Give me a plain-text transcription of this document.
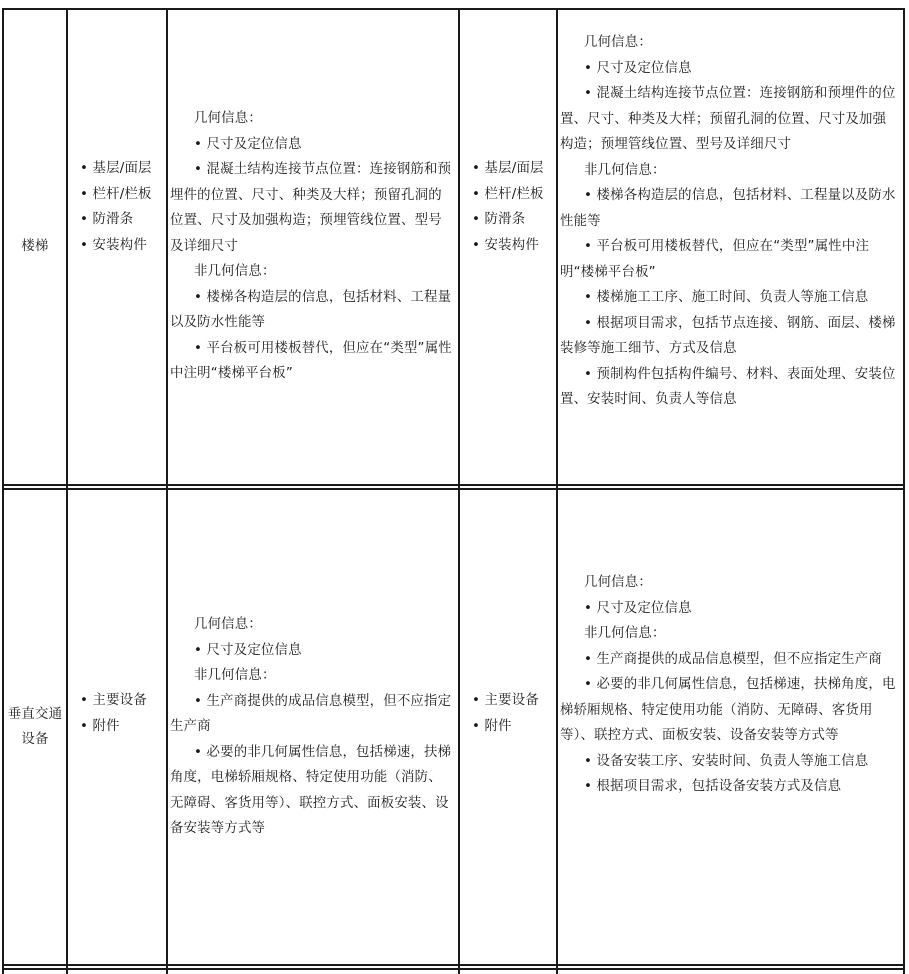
楼梯
• 基层/面层
• 栏杆/栏板
• 防滑条
• 安装构件

几何信息：

• 尺寸及定位信息

• 混凝土结构连接节点位置：连接钢筋和预埋件的位置、尺寸、种类及大样；预留孔洞的位置、尺寸及加强构造；预埋管线位置、型号及详细尺寸

非几何信息：

• 楼梯各构造层的信息，包括材料、工程量以及防水性能等

• 平台板可用楼板替代，但应在“类型”属性中注明“楼梯平台板”

• 基层/面层
• 栏杆/栏板
• 防滑条
• 安装构件

几何信息：

• 尺寸及定位信息

• 混凝土结构连接节点位置：连接钢筋和预埋件的位置、尺寸、种类及大样；预留孔洞的位置、尺寸及加强构造；预埋管线位置、型号及详细尺寸

非几何信息：

• 楼梯各构造层的信息，包括材料、工程量以及防水性能等

• 平台板可用楼板替代，但应在“类型”属性中注明“楼梯平台板”

• 楼梯施工工序、施工时间、负责人等施工信息

• 根据项目需求，包括节点连接、钢筋、面层、楼梯装修等施工细节、方式及信息

• 预制构件包括构件编号、材料、表面处理、安装位置、安装时间、负责人等信息

垂直交通设备
• 主要设备
• 附件

几何信息：

• 尺寸及定位信息

非几何信息：

• 生产商提供的成品信息模型，但不应指定生产商

• 必要的非几何属性信息，包括梯速，扶梯角度，电梯轿厢规格、特定使用功能（消防、无障碍、客货用等）、联控方式、面板安装、设备安装等方式等

• 主要设备
• 附件

几何信息：

• 尺寸及定位信息

非几何信息：

• 生产商提供的成品信息模型，但不应指定生产商

• 必要的非几何属性信息，包括梯速，扶梯角度，电梯轿厢规格、特定使用功能（消防、无障碍、客货用等）、联控方式、面板安装、设备安装等方式等

• 设备安装工序、安装时间、负责人等施工信息

• 根据项目需求，包括设备安装方式及信息
